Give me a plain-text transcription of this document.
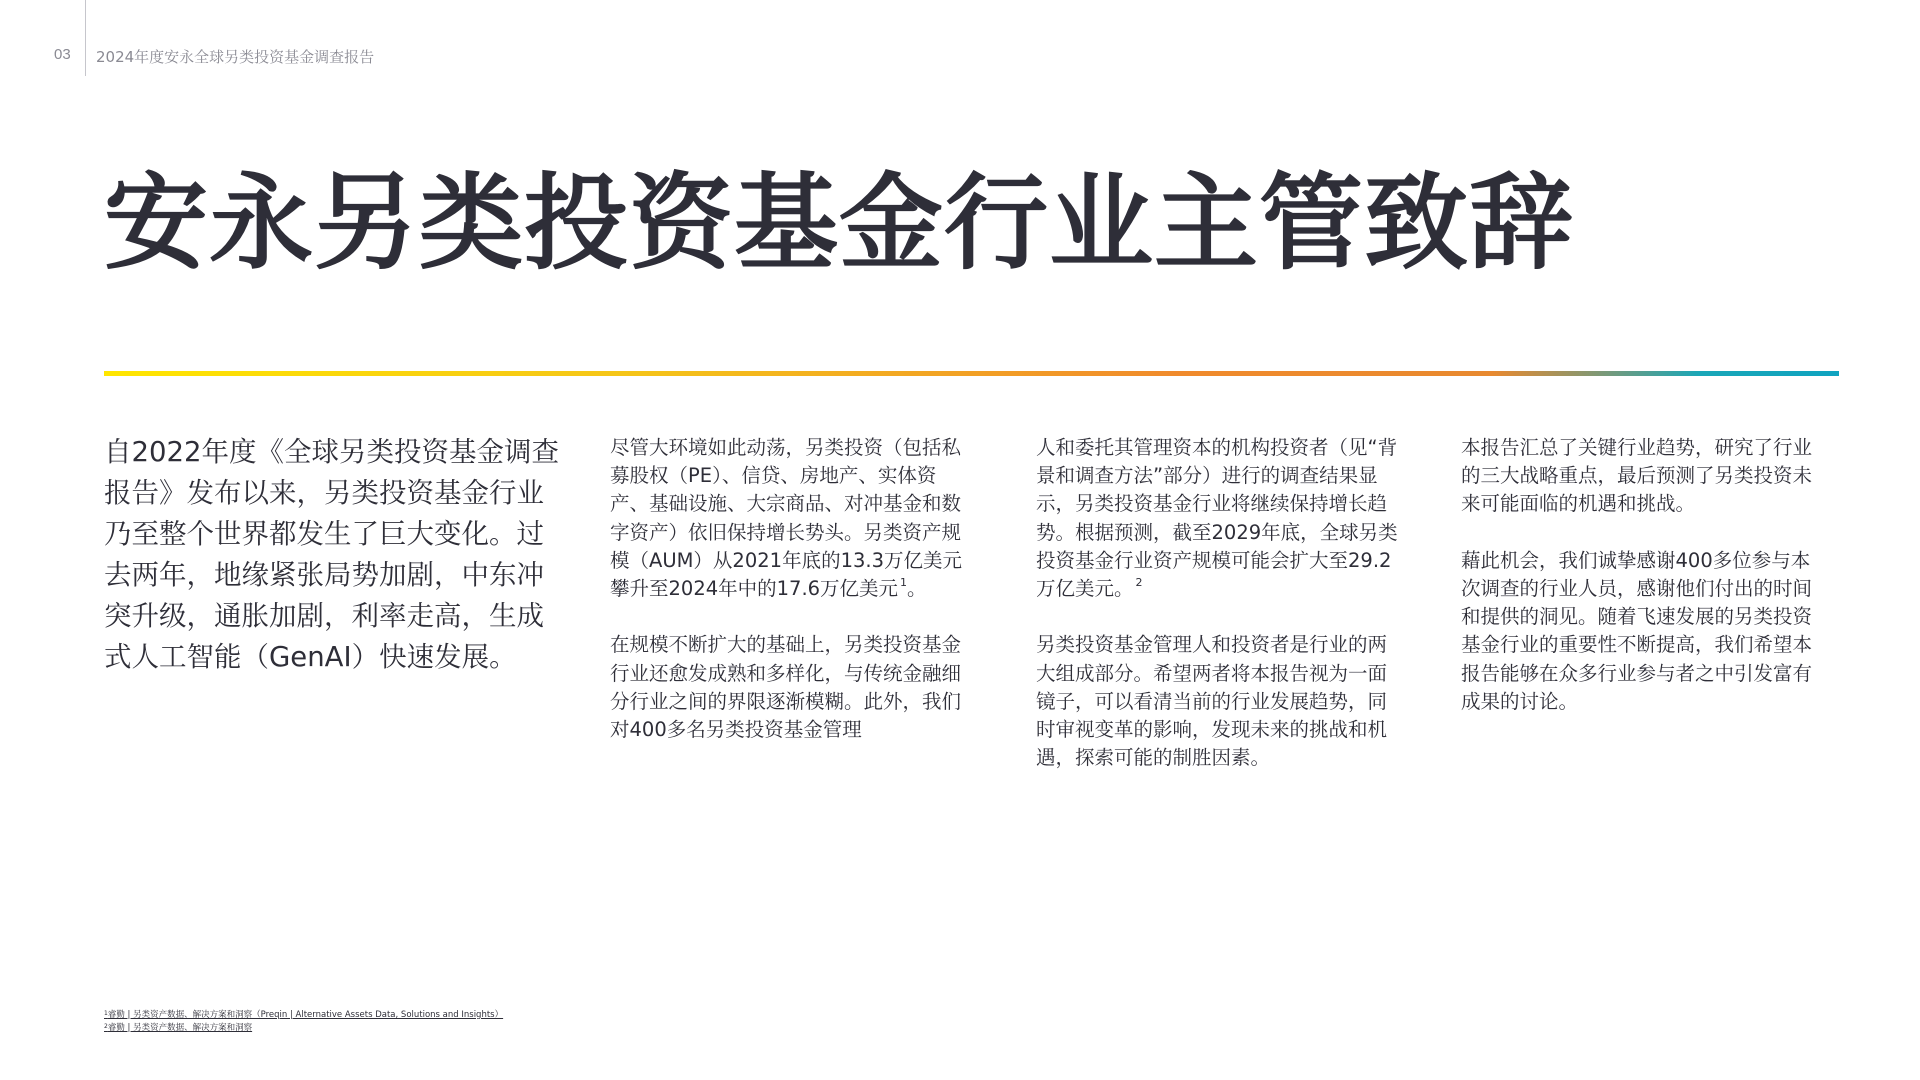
03 2024年度安永全球另类投资基金调查报告
安永另类投资基金行业主管致辞

自2022年度《全球另类投资基金调查报告》发布以来，另类投资基金行业乃至整个世界都发生了巨大变化。过去两年，地缘紧张局势加剧，中东冲突升级，通胀加剧，利率走高，生成式人工智能（GenAI）快速发展。

尽管大环境如此动荡，另类投资（包括私募股权（PE）、信贷、房地产、实体资产、基础设施、大宗商品、对冲基金和数字资产）依旧保持增长势头。另类资产规模（AUM）从2021年底的13.3万亿美元攀升至2024年中的17.6万亿美元 $^1$。

在规模不断扩大的基础上，另类投资基金行业还愈发成熟和多样化，与传统金融细分行业之间的界限逐渐模糊。此外，我们对400多名另类投资基金管理

人和委托其管理资本的机构投资者（见“背景和调查方法”部分）进行的调查结果显示，另类投资基金行业将继续保持增长趋势。根据预测，截至2029年底，全球另类投资基金行业资产规模可能会扩大至29.2万亿美元。 $^2$

另类投资基金管理人和投资者是行业的两大组成部分。希望两者将本报告视为一面镜子，可以看清当前的行业发展趋势，同时审视变革的影响，发现未来的挑战和机遇，探索可能的制胜因素。

本报告汇总了关键行业趋势，研究了行业的三大战略重点，最后预测了另类投资未来可能面临的机遇和挑战。

藉此机会，我们诚挚感谢400多位参与本次调查的行业人员，感谢他们付出的时间和提供的洞见。随着飞速发展的另类投资基金行业的重要性不断提高，我们希望本报告能够在众多行业参与者之中引发富有成果的讨论。

$^1$睿勤 | 另类资产数据、解决方案和洞察（Preqin | Alternative Assets Data, Solutions and Insights）
$^2$睿勤 | 另类资产数据、解决方案和洞察
